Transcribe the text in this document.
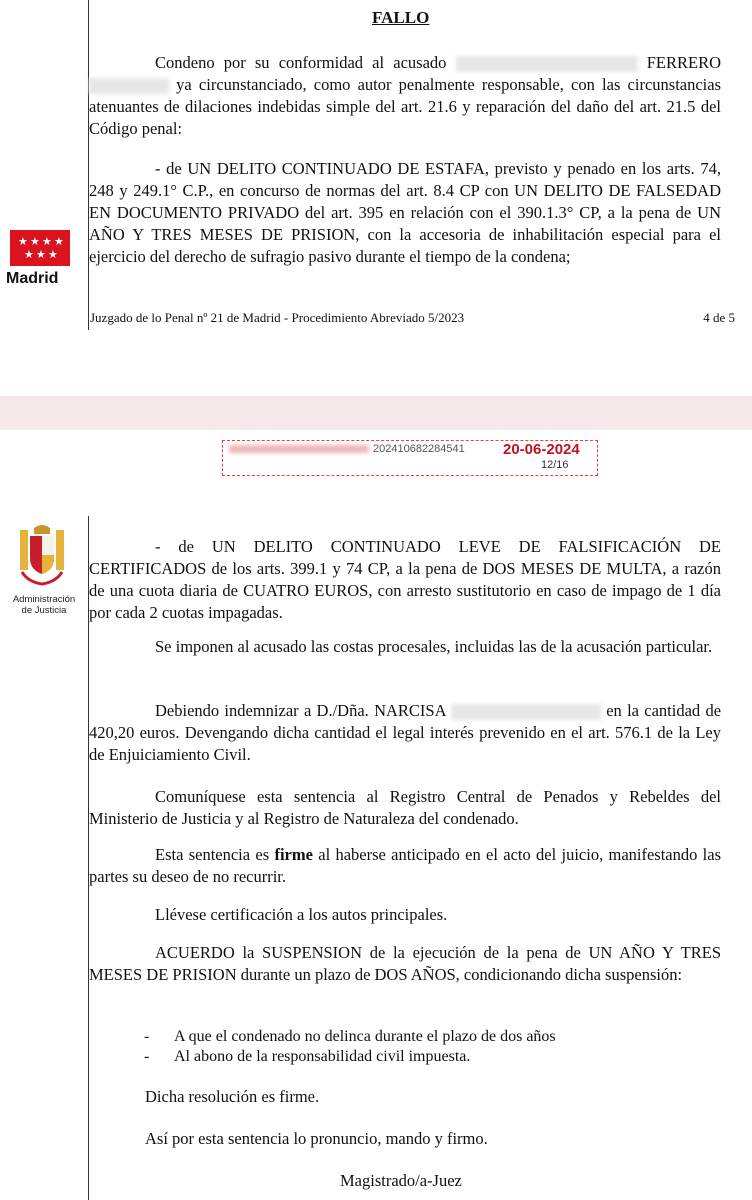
FALLO

Condeno por su conformidad al acusado	FERRERO  ya circunstanciado, como autor penalmente responsable, con las circunstancias atenuantes de dilaciones indebidas simple del art. 21.6 y reparación del daño del art. 21.5 del Código penal:

- de UN DELITO CONTINUADO DE ESTAFA, previsto y penado en los arts. 74, 248 y 249.1° C.P., en concurso de normas del art. 8.4 CP con UN DELITO DE FALSEDAD EN DOCUMENTO PRIVADO del art. 395 en relación con el 390.1.3° CP, a la pena de UN AÑO Y TRES MESES DE PRISION, con la accesoria de inhabilitación especial para el ejercicio del derecho de sufragio pasivo durante el tiempo de la condena;

★ ★ ★ ★
★ ★ ★
Madrid
Juzgado de lo Penal nº 21 de Madrid - Procedimiento Abreviado 5/2023	4 de 5
202410682284541	20-06-2024
12/16
Administración
de Justicia

- de UN DELITO CONTINUADO LEVE DE FALSIFICACIÓN DE CERTIFICADOS de los arts. 399.1 y 74 CP, a la pena de DOS MESES DE MULTA, a razón de una cuota diaria de CUATRO EUROS, con arresto sustitutorio en caso de impago de 1 día por cada 2 cuotas impagadas.

Se imponen al acusado las costas procesales, incluidas las de la acusación particular.

Debiendo indemnizar a D./Dña. NARCISA	en la cantidad de 420,20 euros. Devengando dicha cantidad el legal interés prevenido en el art. 576.1 de la Ley de Enjuiciamiento Civil.

Comuníquese esta sentencia al Registro Central de Penados y Rebeldes del Ministerio de Justicia y al Registro de Naturaleza del condenado.

Esta sentencia es firme al haberse anticipado en el acto del juicio, manifestando las partes su deseo de no recurrir.

Llévese certificación a los autos principales.

ACUERDO la SUSPENSION de la ejecución de la pena de UN AÑO Y TRES MESES DE PRISION durante un plazo de DOS AÑOS, condicionando dicha suspensión:

- A que el condenado no delinca durante el plazo de dos años
- Al abono de la responsabilidad civil impuesta.

Dicha resolución es firme.

Así por esta sentencia lo pronuncio, mando y firmo.

Magistrado/a-Juez
